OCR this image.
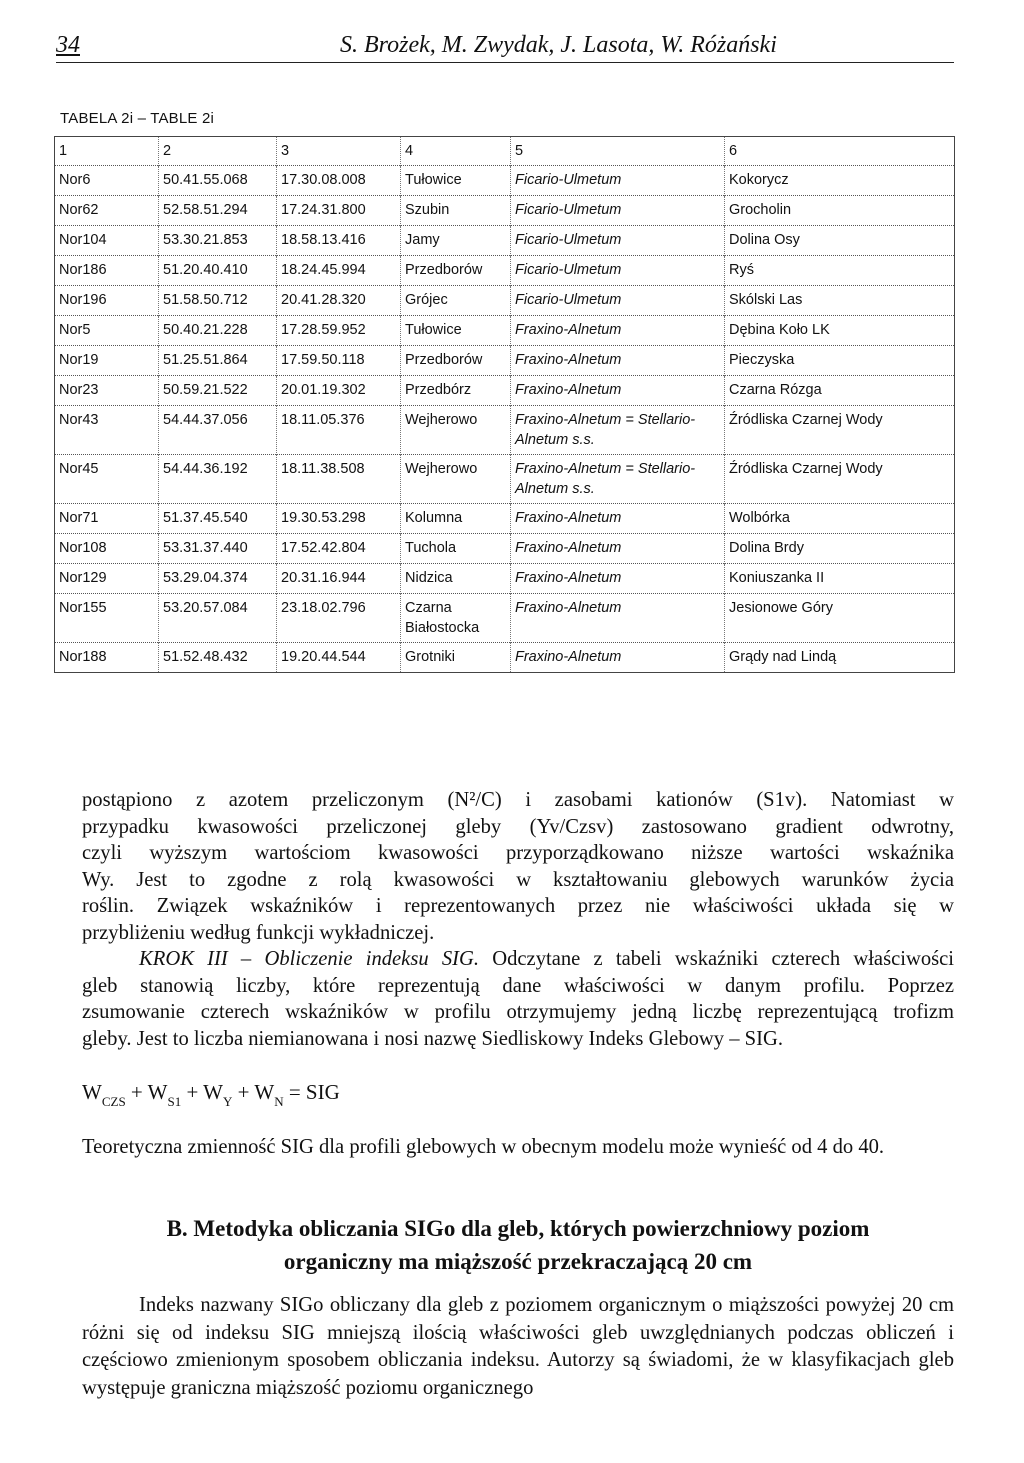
34	S. Brożek, M. Zwydak, J. Lasota, W. Różański
TABELA 2i – TABLE 2i
1	2	3	4	5	6
Nor6	50.41.55.068	17.30.08.008	Tułowice	Ficario-Ulmetum	Kokorycz
Nor62	52.58.51.294	17.24.31.800	Szubin	Ficario-Ulmetum	Grocholin
Nor104	53.30.21.853	18.58.13.416	Jamy	Ficario-Ulmetum	Dolina Osy
Nor186	51.20.40.410	18.24.45.994	Przedborów	Ficario-Ulmetum	Ryś
Nor196	51.58.50.712	20.41.28.320	Grójec	Ficario-Ulmetum	Skólski Las
Nor5	50.40.21.228	17.28.59.952	Tułowice	Fraxino-Alnetum	Dębina Koło LK
Nor19	51.25.51.864	17.59.50.118	Przedborów	Fraxino-Alnetum	Pieczyska
Nor23	50.59.21.522	20.01.19.302	Przedbórz	Fraxino-Alnetum	Czarna Rózga
Nor43	54.44.37.056	18.11.05.376	Wejherowo	Fraxino-Alnetum = Stellario-Alnetum s.s.	Źródliska Czarnej Wody
Nor45	54.44.36.192	18.11.38.508	Wejherowo	Fraxino-Alnetum = Stellario-Alnetum s.s.	Źródliska Czarnej Wody
Nor71	51.37.45.540	19.30.53.298	Kolumna	Fraxino-Alnetum	Wolbórka
Nor108	53.31.37.440	17.52.42.804	Tuchola	Fraxino-Alnetum	Dolina Brdy
Nor129	53.29.04.374	20.31.16.944	Nidzica	Fraxino-Alnetum	Koniuszanka II
Nor155	53.20.57.084	23.18.02.796	Czarna Białostocka	Fraxino-Alnetum	Jesionowe Góry
Nor188	51.52.48.432	19.20.44.544	Grotniki	Fraxino-Alnetum	Grądy nad Lindą
postąpiono z azotem przeliczonym (N²/C) i zasobami kationów (S1v). Natomiast w
przypadku kwasowości przeliczonej gleby (Yv/Czsv) zastosowano gradient odwrotny,
czyli wyższym wartościom kwasowości przyporządkowano niższe wartości wskaźnika
Wy. Jest to zgodne z rolą kwasowości w kształtowaniu glebowych warunków życia
roślin. Związek wskaźników i reprezentowanych przez nie właściwości układa się w
przybliżeniu według funkcji wykładniczej.
KROK III – Obliczenie indeksu SIG. Odczytane z tabeli wskaźniki czterech właściwości
gleb stanowią liczby, które reprezentują dane właściwości w danym profilu. Poprzez
zsumowanie czterech wskaźników w profilu otrzymujemy jedną liczbę reprezentującą trofizm
gleby. Jest to liczba niemianowana i nosi nazwę Siedliskowy Indeks Glebowy – SIG.
$W_{CZS} + W_{S1} + W_Y + W_N$ = SIG
Teoretyczna zmienność SIG dla profili glebowych w obecnym modelu może wynieść od 4 do 40.
B. Metodyka obliczania SIGo dla gleb, których powierzchniowy poziom
organiczny ma miąższość przekraczającą 20 cm
Indeks nazwany SIGo obliczany dla gleb z poziomem organicznym o miąższości powyżej 20 cm różni się od indeksu SIG mniejszą ilością właściwości gleb uwzględnianych podczas obliczeń i częściowo zmienionym sposobem obliczania indeksu. Autorzy są świadomi, że w klasyfikacjach gleb występuje graniczna miąższość poziomu organicznego
